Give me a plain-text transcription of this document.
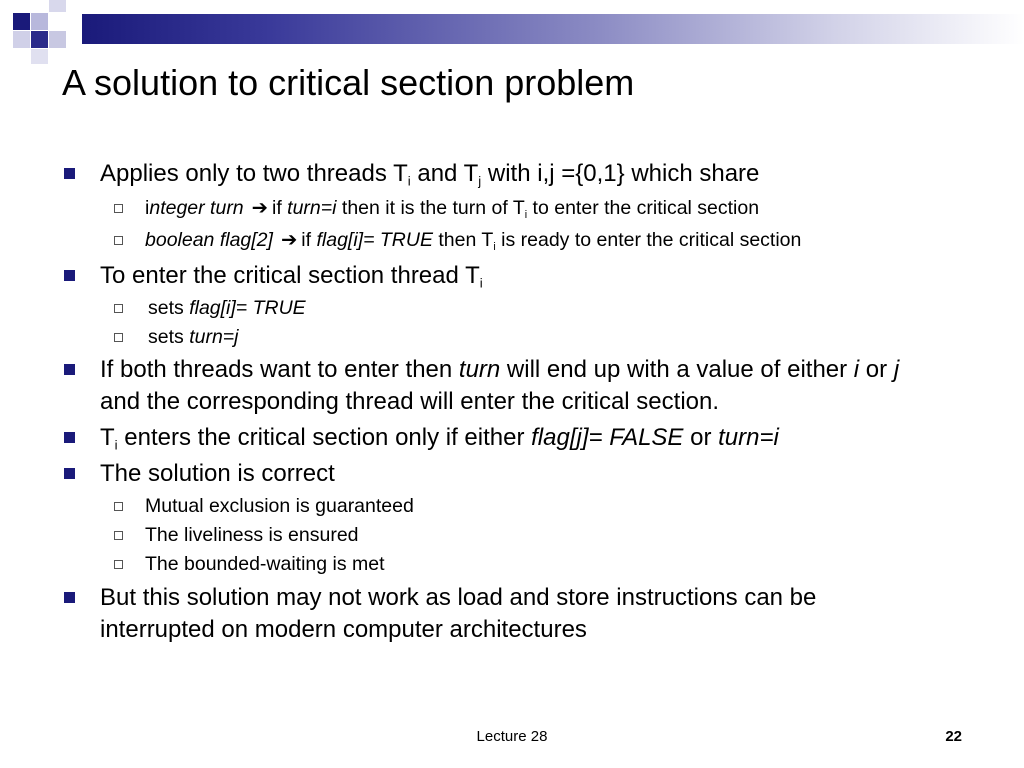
A solution to critical section problem
Applies only to two threads $T_i$ and $T_j$ with i,j ={0,1} which share
integer turn ➔ if turn=i then it is the turn of $T_i$ to enter the critical section
boolean flag[2] ➔ if flag[i]= TRUE then $T_i$ is ready to enter the critical section
To enter the critical section thread $T_i$
sets flag[i]= TRUE
sets turn=j
If both threads want to enter then turn will end up with a value of either i or j
and the corresponding thread will enter the critical section.
$T_i$ enters the critical section only if either flag[j]= FALSE or turn=i
The solution is correct
Mutual exclusion is guaranteed
The liveliness is ensured
The bounded-waiting is met
But this solution may not work as load and store instructions can be
interrupted on modern computer architectures
Lecture 28	22
